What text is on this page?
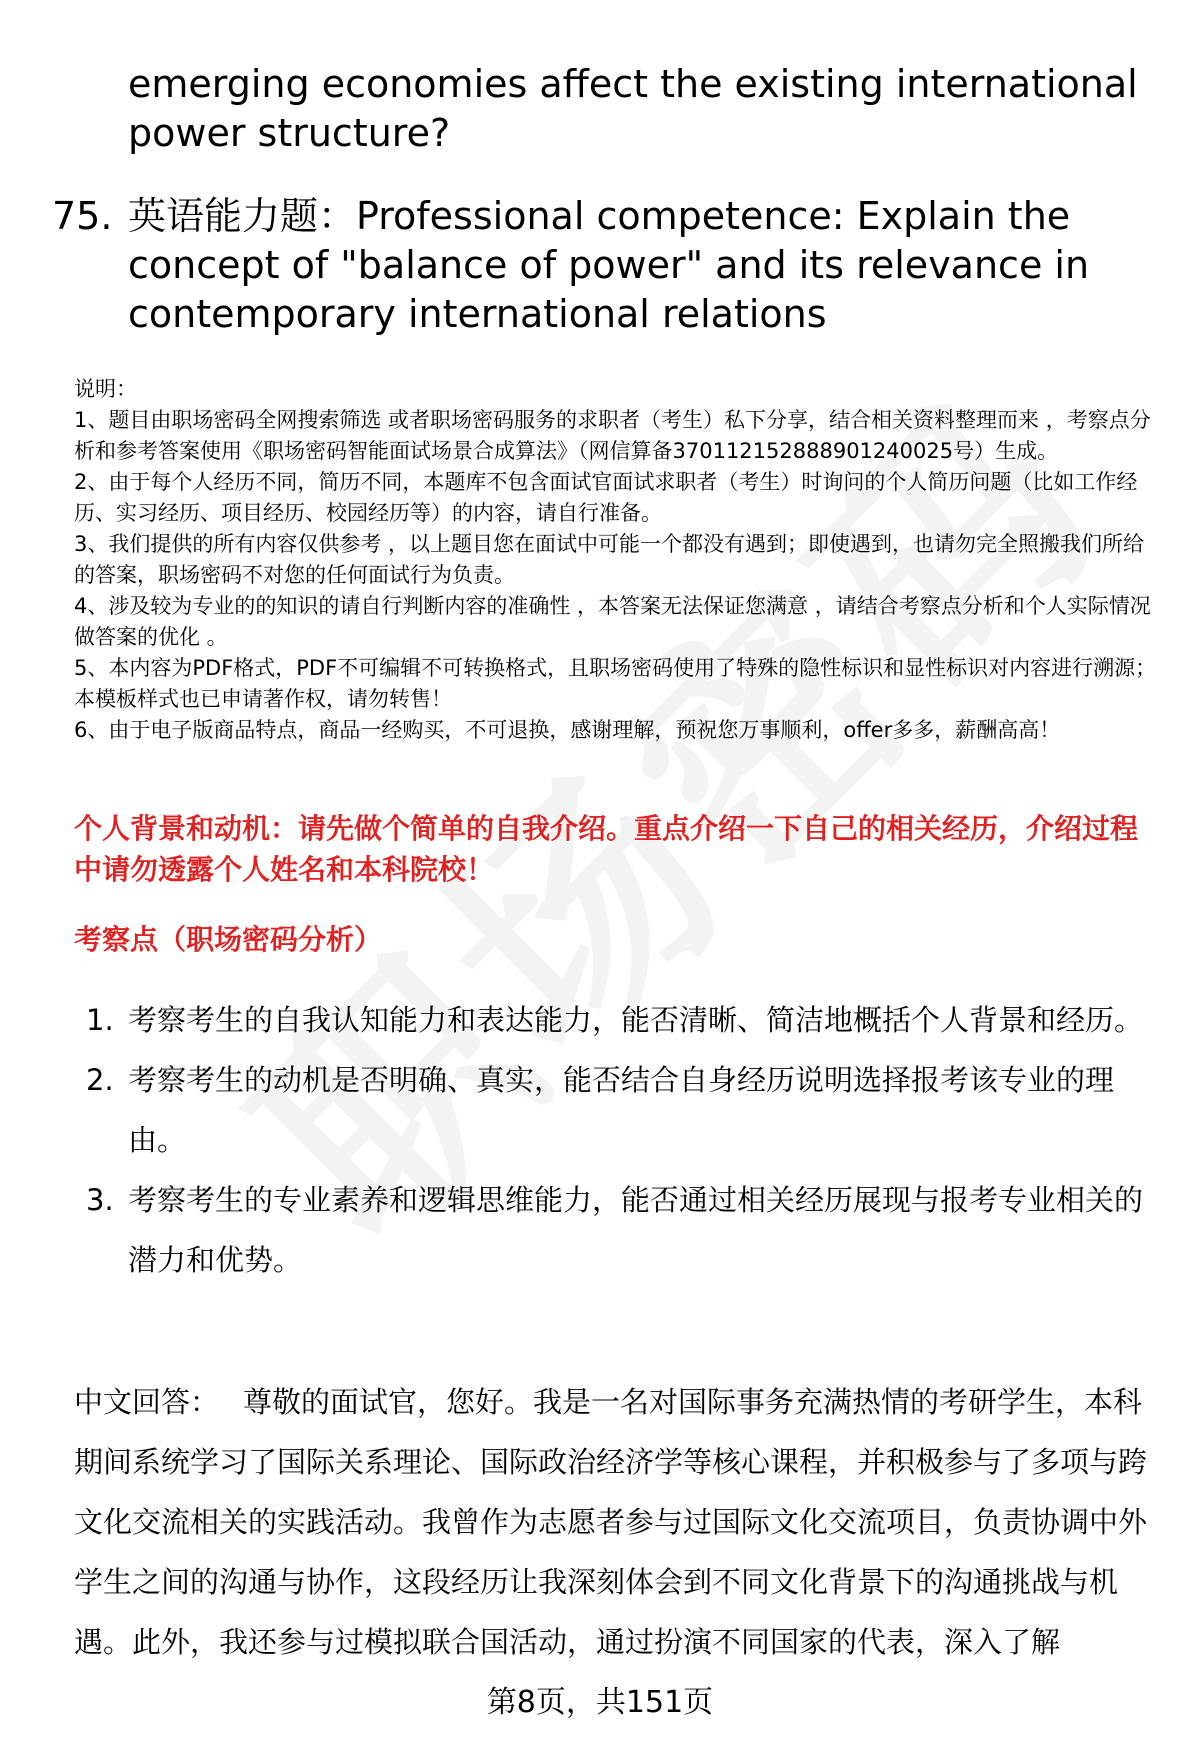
emerging economies affect the existing international power structure?
75. 英语能力题：Professional competence: Explain the concept of "balance of power" and its relevance in contemporary international relations

说明：

1、题目由职场密码全网搜索筛选 或者职场密码服务的求职者（考生）私下分享，结合相关资料整理而来 ，考察点分析和参考答案使用《职场密码智能面试场景合成算法》（网信算备370112152888901240025号）生成。

2、由于每个人经历不同，简历不同，本题库不包含面试官面试求职者（考生）时询问的个人简历问题（比如工作经历、实习经历、项目经历、校园经历等）的内容，请自行准备。

3、我们提供的所有内容仅供参考 ，以上题目您在面试中可能一个都没有遇到；即使遇到，也请勿完全照搬我们所给的答案，职场密码不对您的任何面试行为负责。

4、涉及较为专业的的知识的请自行判断内容的准确性 ，本答案无法保证您满意 ，请结合考察点分析和个人实际情况做答案的优化 。

5、本内容为PDF格式，PDF不可编辑不可转换格式，且职场密码使用了特殊的隐性标识和显性标识对内容进行溯源；本模板样式也已申请著作权，请勿转售！

6、由于电子版商品特点，商品一经购买，不可退换，感谢理解，预祝您万事顺利，offer多多，薪酬高高！

个人背景和动机：请先做个简单的自我介绍。重点介绍一下自己的相关经历，介绍过程中请勿透露个人姓名和本科院校！
考察点（职场密码分析）
1. 考察考生的自我认知能力和表达能力，能否清晰、简洁地概括个人背景和经历。
2. 考察考生的动机是否明确、真实，能否结合自身经历说明选择报考该专业的理由。
3. 考察考生的专业素养和逻辑思维能力，能否通过相关经历展现与报考专业相关的潜力和优势。
中文回答： 尊敬的面试官，您好。我是一名对国际事务充满热情的考研学生，本科期间系统学习了国际关系理论、国际政治经济学等核心课程，并积极参与了多项与跨文化交流相关的实践活动。我曾作为志愿者参与过国际文化交流项目，负责协调中外学生之间的沟通与协作，这段经历让我深刻体会到不同文化背景下的沟通挑战与机遇。此外，我还参与过模拟联合国活动，通过扮演不同国家的代表，深入了解
第8页，共151页
